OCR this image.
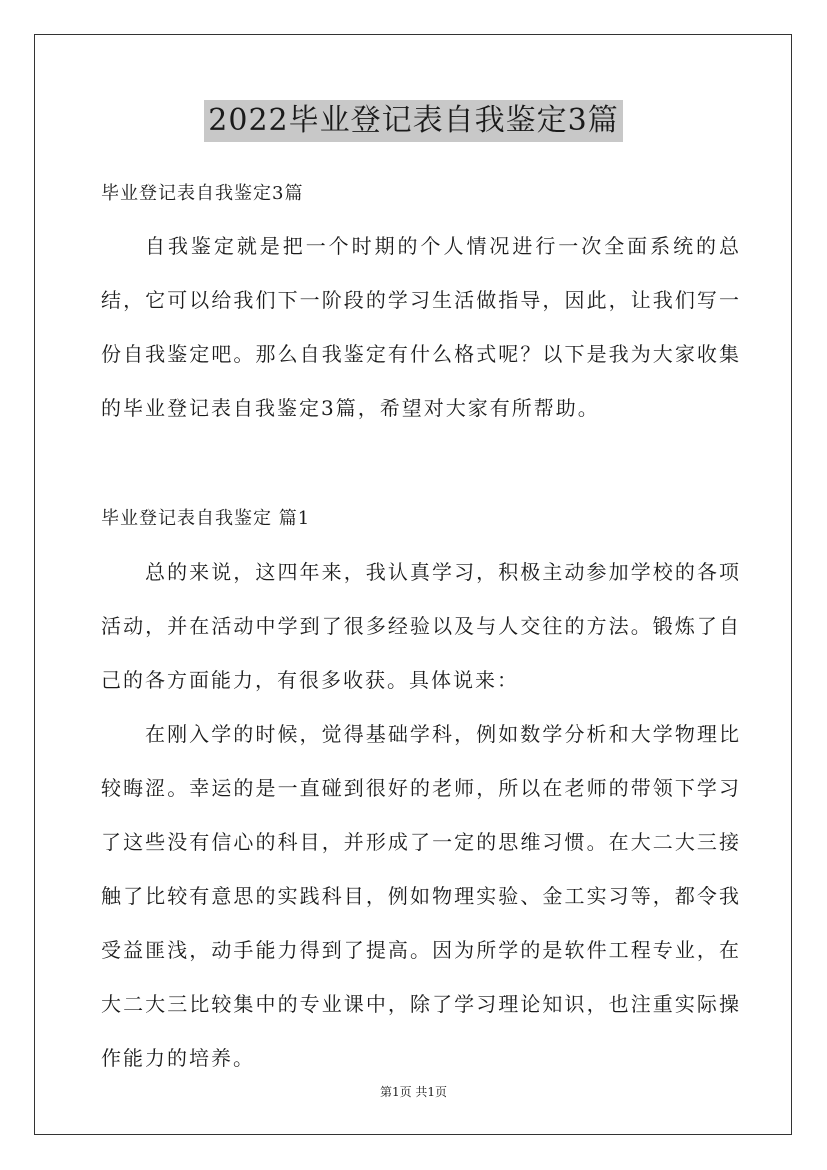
2022毕业登记表自我鉴定3篇
毕业登记表自我鉴定3篇

自我鉴定就是把一个时期的个人情况进行一次全面系统的总结，它可以给我们下一阶段的学习生活做指导，因此，让我们写一份自我鉴定吧。那么自我鉴定有什么格式呢？以下是我为大家收集的毕业登记表自我鉴定3篇，希望对大家有所帮助。

毕业登记表自我鉴定 篇1

总的来说，这四年来，我认真学习，积极主动参加学校的各项活动，并在活动中学到了很多经验以及与人交往的方法。锻炼了自己的各方面能力，有很多收获。具体说来：

在刚入学的时候，觉得基础学科，例如数学分析和大学物理比较晦涩。幸运的是一直碰到很好的老师，所以在老师的带领下学习了这些没有信心的科目，并形成了一定的思维习惯。在大二大三接触了比较有意思的实践科目，例如物理实验、金工实习等，都令我受益匪浅，动手能力得到了提高。因为所学的是软件工程专业，在大二大三比较集中的专业课中，除了学习理论知识，也注重实际操作能力的培养。

第1页 共1页
